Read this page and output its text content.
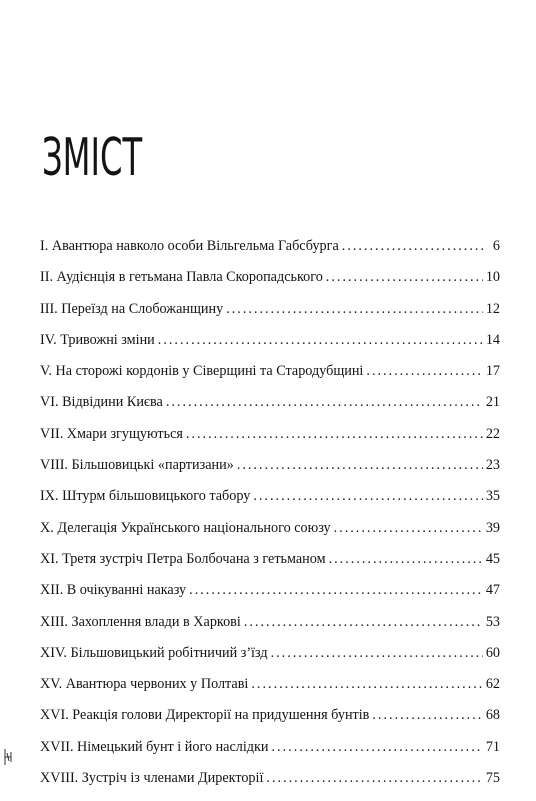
ЗМІСТ
І. Авантюра навколо особи Вільгельма Габсбурга .....	6
ІІ. Аудієнція в гетьмана Павла Скоропадського .....	10
ІІІ. Переїзд на Слобожанщину .....	12
ІV. Тривожні зміни .....	14
V. На сторожі кордонів у Сіверщині та Стародубщині .....	17
VІ. Відвідини Києва .....	21
VІІ. Хмари згущуються .....	22
VІІІ. Більшовицькі «партизани» .....	23
ІХ. Штурм більшовицького табору .....	35
Х. Делегація Українського національного союзу .....	39
ХІ. Третя зустріч Петра Болбочана з гетьманом .....	45
ХІІ. В очікуванні наказу .....	47
ХІІІ. Захоплення влади в Харкові .....	53
ХІV. Більшовицький робітничий з’їзд .....	60
ХV. Авантюра червоних у Полтаві .....	62
ХVІ. Реакція голови Директорії на придушення бунтів .....	68
ХVІІ. Німецький бунт і його наслідки .....	71
ХVІІІ. Зустріч із членами Директорії .....	75
